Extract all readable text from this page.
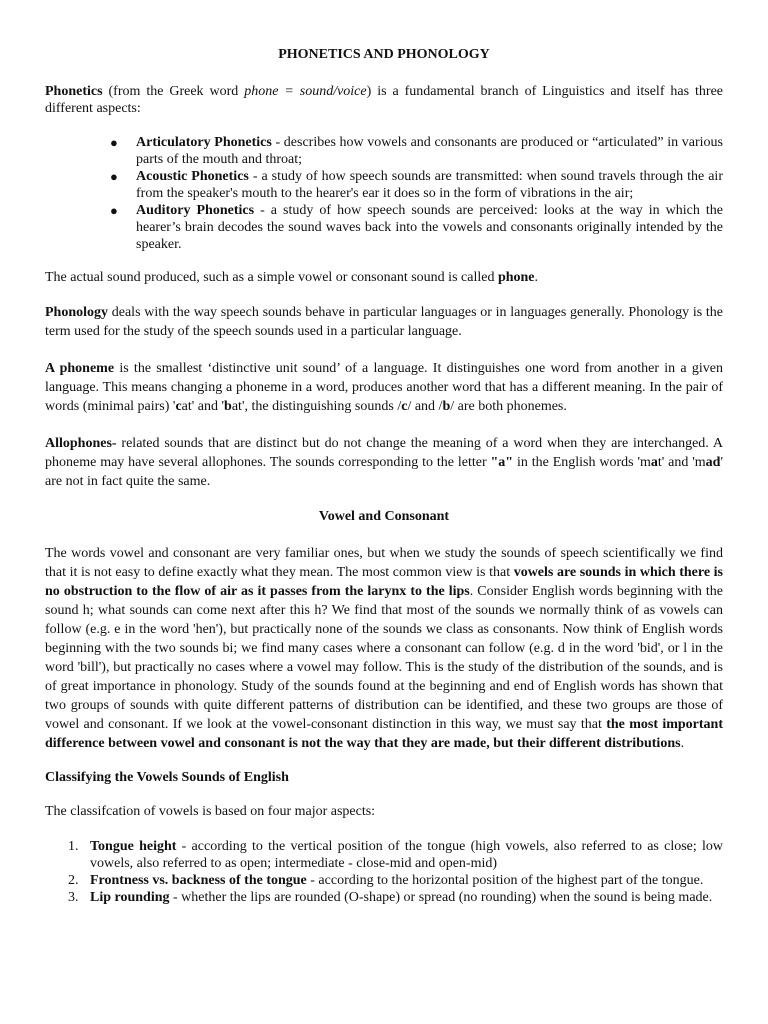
PHONETICS AND PHONOLOGY

Phonetics (from the Greek word phone = sound/voice) is a fundamental branch of Linguistics and itself has three different aspects:

● Articulatory Phonetics - describes how vowels and consonants are produced or “articulated” in various parts of the mouth and throat;
● Acoustic Phonetics - a study of how speech sounds are transmitted: when sound travels through the air from the speaker's mouth to the hearer's ear it does so in the form of vibrations in the air;
● Auditory Phonetics - a study of how speech sounds are perceived: looks at the way in which the hearer’s brain decodes the sound waves back into the vowels and consonants originally intended by the speaker.

The actual sound produced, such as a simple vowel or consonant sound is called phone.

Phonology deals with the way speech sounds behave in particular languages or in languages generally. Phonology is the term used for the study of the speech sounds used in a particular language.

A phoneme is the smallest ‘distinctive unit sound’ of a language. It distinguishes one word from another in a given language. This means changing a phoneme in a word, produces another word that has a different meaning. In the pair of words (minimal pairs) 'cat' and 'bat', the distinguishing sounds /c/ and /b/ are both phonemes.

Allophones- related sounds that are distinct but do not change the meaning of a word when they are interchanged. A phoneme may have several allophones. The sounds corresponding to the letter "a" in the English words 'mat' and 'mad' are not in fact quite the same.

Vowel and Consonant

The words vowel and consonant are very familiar ones, but when we study the sounds of speech scientifically we find that it is not easy to define exactly what they mean. The most common view is that vowels are sounds in which there is no obstruction to the flow of air as it passes from the larynx to the lips. Consider English words beginning with the sound h; what sounds can come next after this h? We find that most of the sounds we normally think of as vowels can follow (e.g. e in the word 'hen'), but practically none of the sounds we class as consonants. Now think of English words beginning with the two sounds bi; we find many cases where a consonant can follow (e.g. d in the word 'bid', or l in the word 'bill'), but practically no cases where a vowel may follow. This is the study of the distribution of the sounds, and is of great importance in phonology. Study of the sounds found at the beginning and end of English words has shown that two groups of sounds with quite different patterns of distribution can be identified, and these two groups are those of vowel and consonant. If we look at the vowel-consonant distinction in this way, we must say that the most important difference between vowel and consonant is not the way that they are made, but their different distributions.

Classifying the Vowels Sounds of English

The classifcation of vowels is based on four major aspects:

1. Tongue height - according to the vertical position of the tongue (high vowels, also referred to as close; low vowels, also referred to as open; intermediate - close-mid and open-mid)
2. Frontness vs. backness of the tongue - according to the horizontal position of the highest part of the tongue.
3. Lip rounding - whether the lips are rounded (O-shape) or spread (no rounding) when the sound is being made.
